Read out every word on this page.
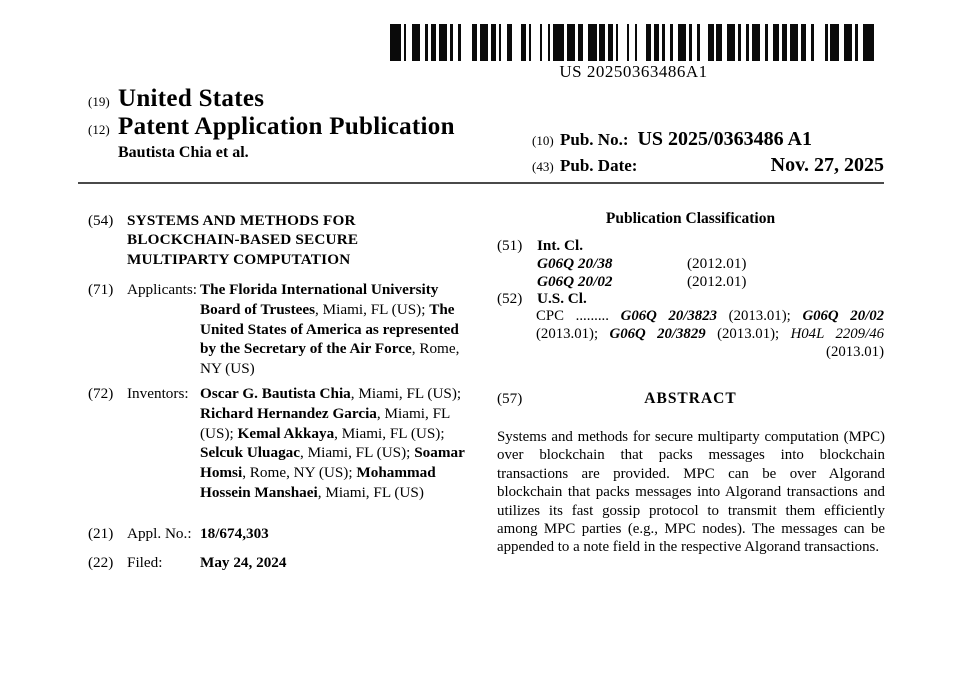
US 20250363486A1
(19) United States
(12) Patent Application Publication
Bautista Chia et al.
(10) Pub. No.: US 2025/0363486 A1
(43) Pub. Date:	Nov. 27, 2025
(54) SYSTEMS AND METHODS FOR
BLOCKCHAIN-BASED SECURE
MULTIPARTY COMPUTATION
(71) Applicants: The Florida International University Board of Trustees, Miami, FL (US); The United States of America as represented by the Secretary of the Air Force, Rome, NY (US)
(72) Inventors: Oscar G. Bautista Chia, Miami, FL (US); Richard Hernandez Garcia, Miami, FL (US); Kemal Akkaya, Miami, FL (US); Selcuk Uluagac, Miami, FL (US); Soamar Homsi, Rome, NY (US); Mohammad Hossein Manshaei, Miami, FL (US)
(21) Appl. No.: 18/674,303
(22) Filed:	May 24, 2024
Publication Classification
(51) Int. Cl.
G06Q 20/38	(2012.01)
G06Q 20/02	(2012.01)
(52) U.S. Cl.
CPC ......... G06Q 20/3823 (2013.01); G06Q 20/02 (2013.01); G06Q 20/3829 (2013.01); H04L 2209/46 (2013.01)
(57)	ABSTRACT
Systems and methods for secure multiparty computation (MPC) over blockchain that packs messages into blockchain transactions are provided. MPC can be over Algorand blockchain that packs messages into Algorand transactions and utilizes its fast gossip protocol to transmit them efficiently among MPC parties (e.g., MPC nodes). The messages can be appended to a note field in the respective Algorand transactions.
